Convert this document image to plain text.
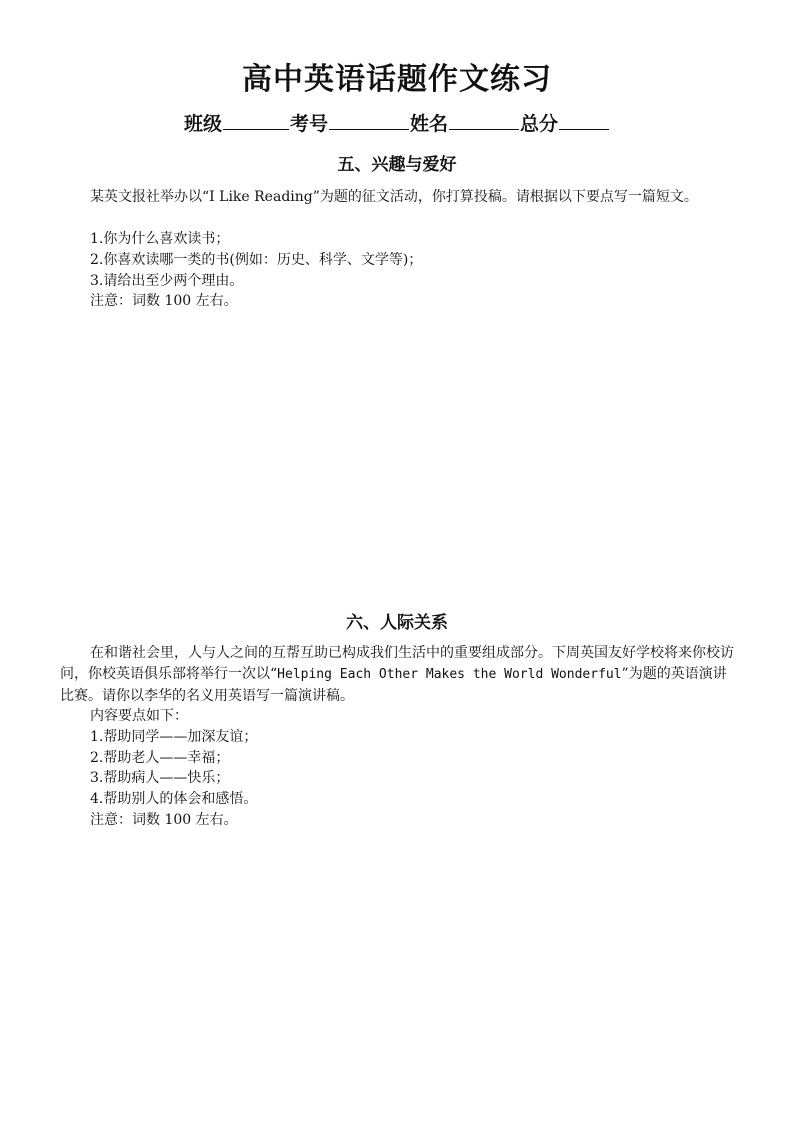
高中英语话题作文练习
班级	考号	姓名	总分
五、兴趣与爱好

某英文报社举办以“I Like Reading”为题的征文活动，你打算投稿。请根据以下要点写一篇短文。

1.你为什么喜欢读书；
2.你喜欢读哪一类的书(例如：历史、科学、文学等)；
3.请给出至少两个理由。
注意：词数 100 左右。
六、人际关系

在和谐社会里，人与人之间的互帮互助已构成我们生活中的重要组成部分。下周英国友好学校将来你校访问，你校英语俱乐部将举行一次以“Helping Each Other Makes the World Wonderful”为题的英语演讲比赛。请你以李华的名义用英语写一篇演讲稿。

内容要点如下：
1.帮助同学——加深友谊；
2.帮助老人——幸福；
3.帮助病人——快乐；
4.帮助别人的体会和感悟。
注意：词数 100 左右。
